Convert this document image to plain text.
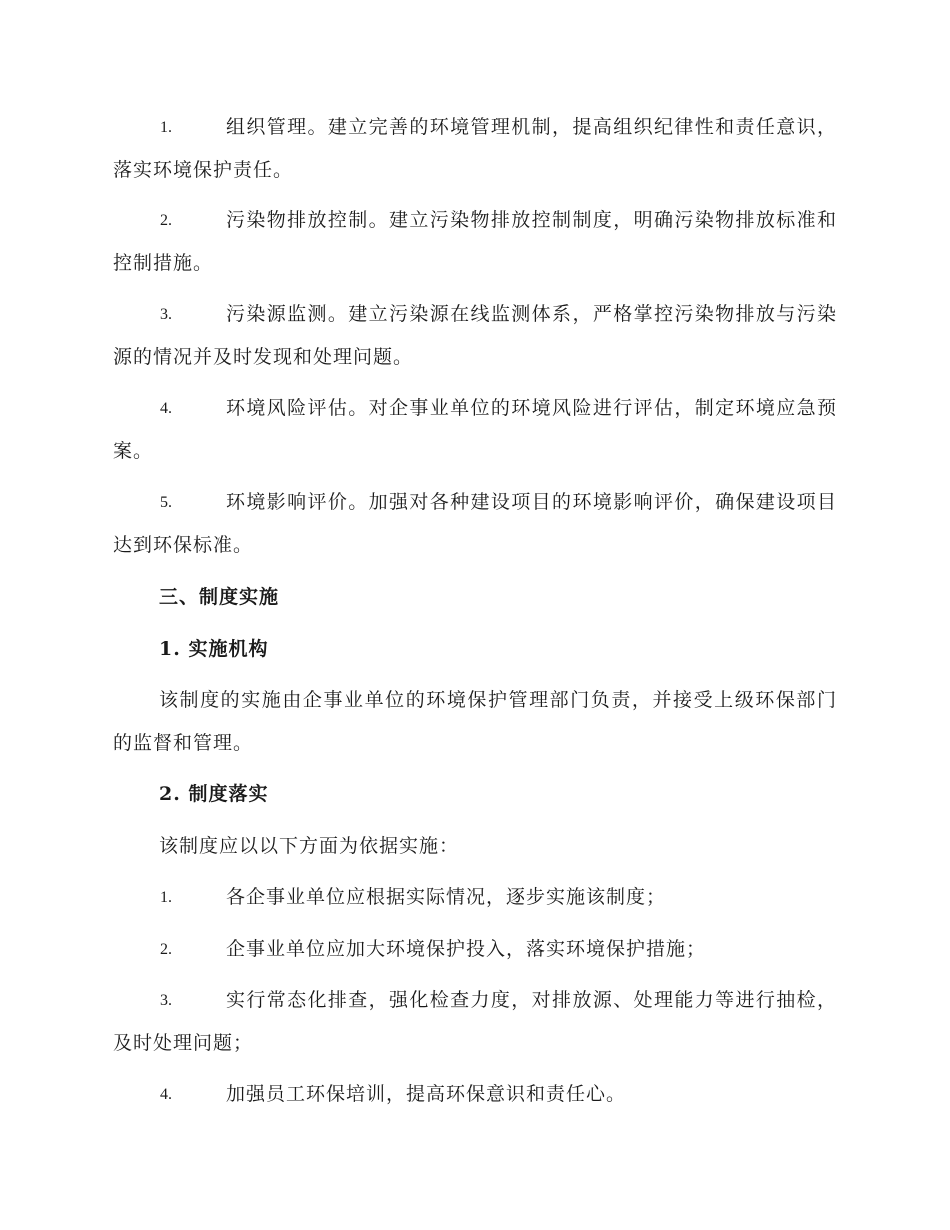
1.	组织管理。建立完善的环境管理机制，提高组织纪律性和责任意识，落实环境保护责任。
2.	污染物排放控制。建立污染物排放控制制度，明确污染物排放标准和控制措施。
3.	污染源监测。建立污染源在线监测体系，严格掌控污染物排放与污染源的情况并及时发现和处理问题。
4.	环境风险评估。对企事业单位的环境风险进行评估，制定环境应急预案。
5.	环境影响评价。加强对各种建设项目的环境影响评价，确保建设项目达到环保标准。
三、制度实施
1. 实施机构
该制度的实施由企事业单位的环境保护管理部门负责，并接受上级环保部门的监督和管理。
2. 制度落实
该制度应以以下方面为依据实施：
1.	各企事业单位应根据实际情况，逐步实施该制度；
2.	企事业单位应加大环境保护投入，落实环境保护措施；
3.	实行常态化排查，强化检查力度，对排放源、处理能力等进行抽检，及时处理问题；
4.	加强员工环保培训，提高环保意识和责任心。
